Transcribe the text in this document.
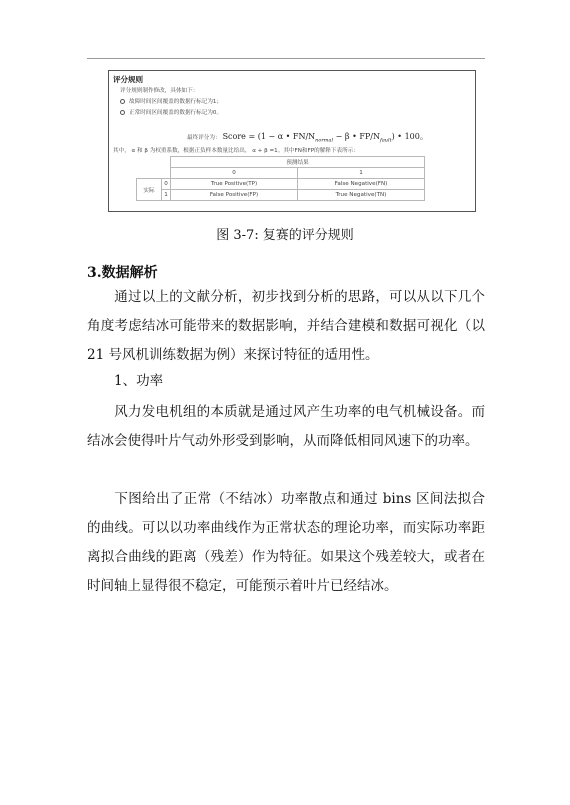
评分规则
评分规则制作修改，具体如下：
故障时间区间覆盖的数据行标记为1；
正常时间区间覆盖的数据行标记为0。
最终评分为： Score = (1 − α • $FN/N_{normal} - \beta$ • $FP/N_{fault}$) • 100。
其中， α 和 β 为权重系数，根据正负样本数量比给出， α + β =1。其中FN和FP的解释下表所示：
		预测结果	
		0	1
实际	0	True Positive(TP)	False Negative(FN)
	1	False Positive(FP)	True Negative(TN)
图 3-7: 复赛的评分规则
3.数据解析

通过以上的文献分析，初步找到分析的思路，可以从以下几个角度考虑结冰可能带来的数据影响，并结合建模和数据可视化（以 21 号风机训练数据为例）来探讨特征的适用性。

1、功率

风力发电机组的本质就是通过风产生功率的电气机械设备。而结冰会使得叶片气动外形受到影响，从而降低相同风速下的功率。

下图给出了正常（不结冰）功率散点和通过 bins 区间法拟合的曲线。可以以功率曲线作为正常状态的理论功率，而实际功率距离拟合曲线的距离（残差）作为特征。如果这个残差较大，或者在时间轴上显得很不稳定，可能预示着叶片已经结冰。
